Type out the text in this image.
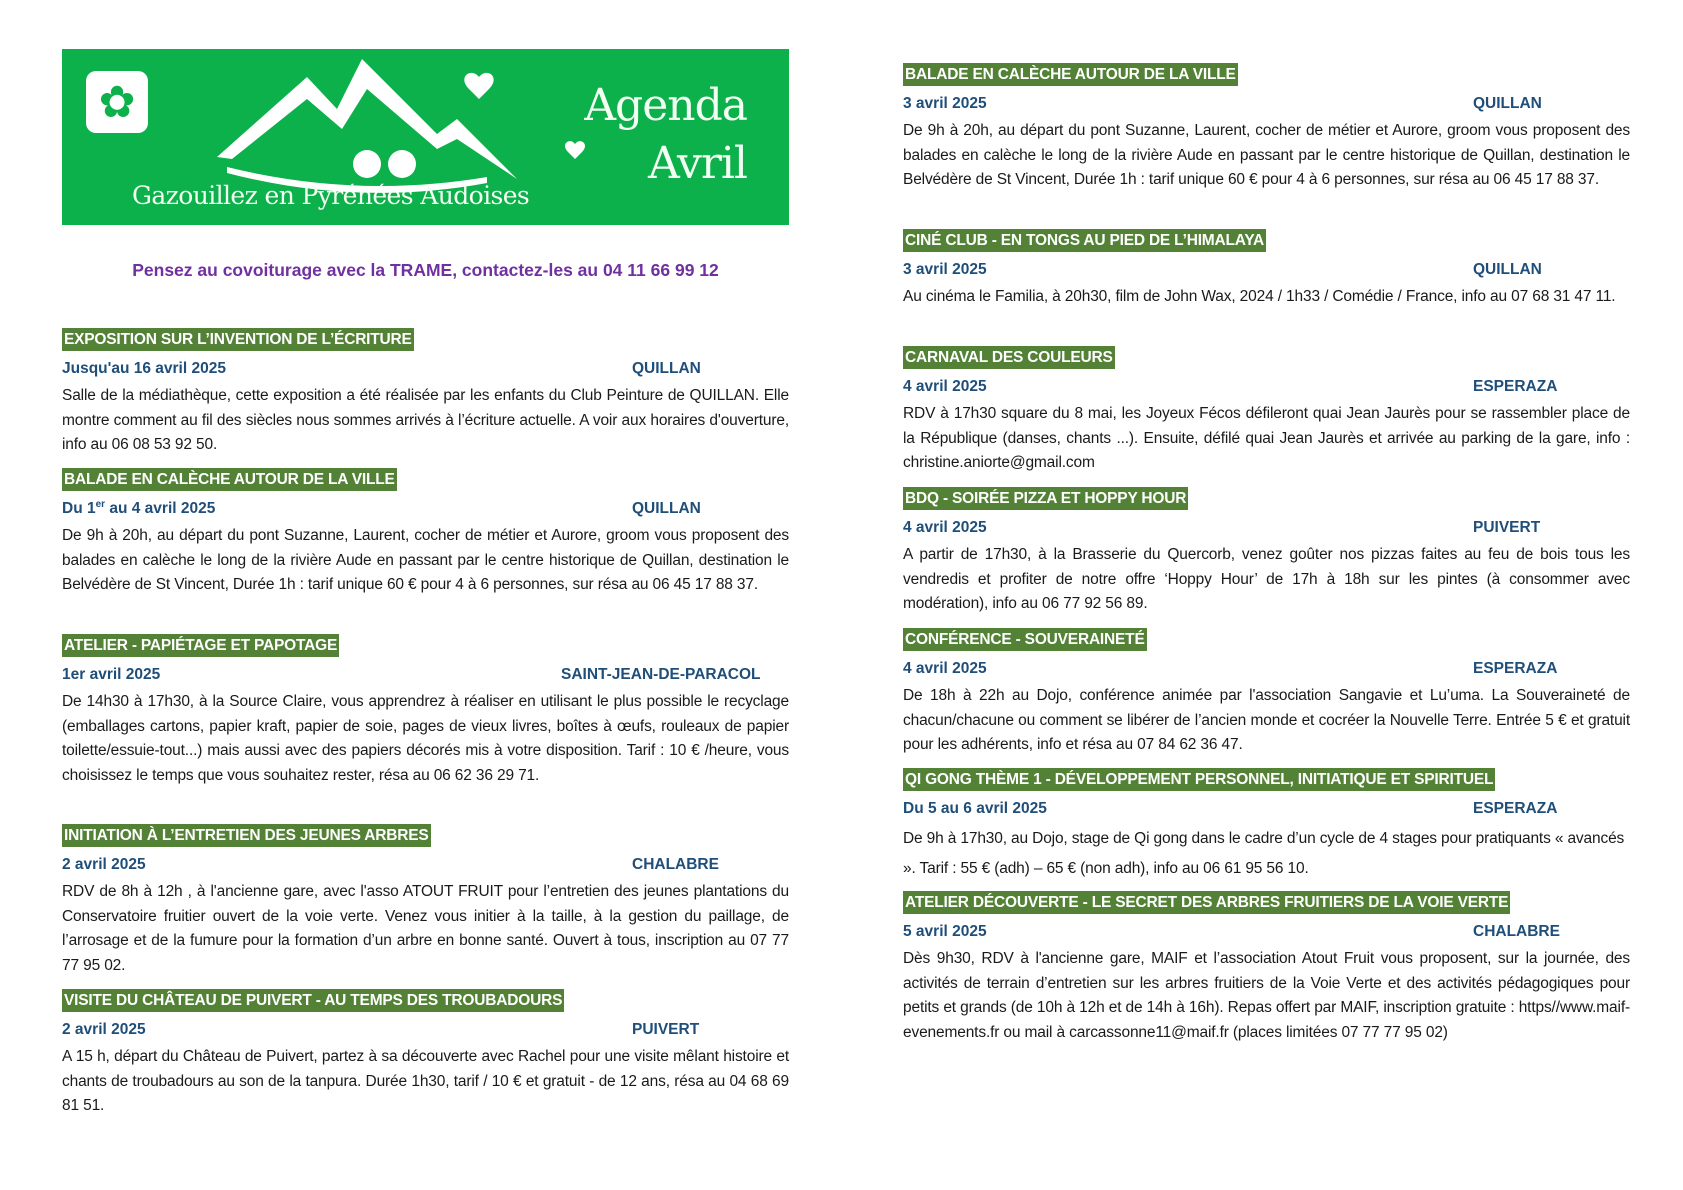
✿
Gazouillez en Pyrénées Audoises
Agenda
Avril
Pensez au covoiturage avec la TRAME, contactez-les au 04 11 66 99 12
EXPOSITION SUR L’INVENTION DE L’ÉCRITURE
Jusqu'au 16 avril 2025	QUILLAN
Salle de la médiathèque, cette exposition a été réalisée par les enfants du Club Peinture de QUILLAN. Elle montre comment au fil des siècles nous sommes arrivés à l’écriture actuelle. A voir aux horaires d'ouverture, info au 06 08 53 92 50.
BALADE EN CALÈCHE AUTOUR DE LA VILLE
Du 1er au 4 avril 2025	QUILLAN
De 9h à 20h, au départ du pont Suzanne, Laurent, cocher de métier et Aurore, groom vous proposent des balades en calèche le long de la rivière Aude en passant par le centre historique de Quillan, destination le Belvédère de St Vincent, Durée 1h : tarif unique 60 € pour 4 à 6 personnes, sur résa au 06 45 17 88 37.
ATELIER - PAPIÉTAGE ET PAPOTAGE
1er avril 2025	SAINT-JEAN-DE-PARACOL
De 14h30 à 17h30, à la Source Claire, vous apprendrez à réaliser en utilisant le plus possible le recyclage (emballages cartons, papier kraft, papier de soie, pages de vieux livres, boîtes à œufs, rouleaux de papier toilette/essuie-tout...) mais aussi avec des papiers décorés mis à votre disposition. Tarif : 10 € /heure, vous choisissez le temps que vous souhaitez rester, résa au 06 62 36 29 71.
INITIATION À L’ENTRETIEN DES JEUNES ARBRES
2 avril 2025	CHALABRE
RDV de 8h à 12h , à l'ancienne gare, avec l'asso ATOUT FRUIT pour l’entretien des jeunes plantations du Conservatoire fruitier ouvert de la voie verte. Venez vous initier à la taille, à la gestion du paillage, de l’arrosage et de la fumure pour la formation d’un arbre en bonne santé. Ouvert à tous, inscription au 07 77 77 95 02.
VISITE DU CHÂTEAU DE PUIVERT - AU TEMPS DES TROUBADOURS
2 avril 2025	PUIVERT
A 15 h, départ du Château de Puivert, partez à sa découverte avec Rachel pour une visite mêlant histoire et chants de troubadours au son de la tanpura. Durée 1h30, tarif / 10 € et gratuit - de 12 ans, résa au 04 68 69 81 51.
BALADE EN CALÈCHE AUTOUR DE LA VILLE
3 avril 2025	QUILLAN
De 9h à 20h, au départ du pont Suzanne, Laurent, cocher de métier et Aurore, groom vous proposent des balades en calèche le long de la rivière Aude en passant par le centre historique de Quillan, destination le Belvédère de St Vincent, Durée 1h : tarif unique 60 € pour 4 à 6 personnes, sur résa au 06 45 17 88 37.
CINÉ CLUB - EN TONGS AU PIED DE L’HIMALAYA
3 avril 2025	QUILLAN
Au cinéma le Familia, à 20h30, film de John Wax, 2024 / 1h33 / Comédie / France, info au 07 68 31 47 11.
CARNAVAL DES COULEURS
4 avril 2025	ESPERAZA
RDV à 17h30 square du 8 mai, les Joyeux Fécos défileront quai Jean Jaurès pour se rassembler place de la République (danses, chants ...). Ensuite, défilé quai Jean Jaurès et arrivée au parking de la gare, info : christine.aniorte@gmail.com
BDQ - SOIRÉE PIZZA ET HOPPY HOUR
4 avril 2025	PUIVERT
A partir de 17h30, à la Brasserie du Quercorb, venez goûter nos pizzas faites au feu de bois tous les vendredis et profiter de notre offre ‘Hoppy Hour’ de 17h à 18h sur les pintes (à consommer avec modération), info au 06 77 92 56 89.
CONFÉRENCE - SOUVERAINETÉ
4 avril 2025	ESPERAZA
De 18h à 22h au Dojo, conférence animée par l'association Sangavie et Lu’uma. La Souveraineté de chacun/chacune ou comment se libérer de l’ancien monde et cocréer la Nouvelle Terre. Entrée 5 € et gratuit pour les adhérents, info et résa au 07 84 62 36 47.
QI GONG THÈME 1 - DÉVELOPPEMENT PERSONNEL, INITIATIQUE ET SPIRITUEL
Du 5 au 6 avril 2025	ESPERAZA
De 9h à 17h30, au Dojo, stage de Qi gong dans le cadre d’un cycle de 4 stages pour pratiquants « avancés ». Tarif : 55 € (adh) – 65 € (non adh), info au 06 61 95 56 10.
ATELIER DÉCOUVERTE - LE SECRET DES ARBRES FRUITIERS DE LA VOIE VERTE
5 avril 2025	CHALABRE
Dès 9h30, RDV à l'ancienne gare, MAIF et l’association Atout Fruit vous proposent, sur la journée, des activités de terrain d’entretien sur les arbres fruitiers de la Voie Verte et des activités pédagogiques pour petits et grands (de 10h à 12h et de 14h à 16h). Repas offert par MAIF, inscription gratuite : https//www.maif-evenements.fr ou mail à carcassonne11@maif.fr (places limitées 07 77 77 95 02)
